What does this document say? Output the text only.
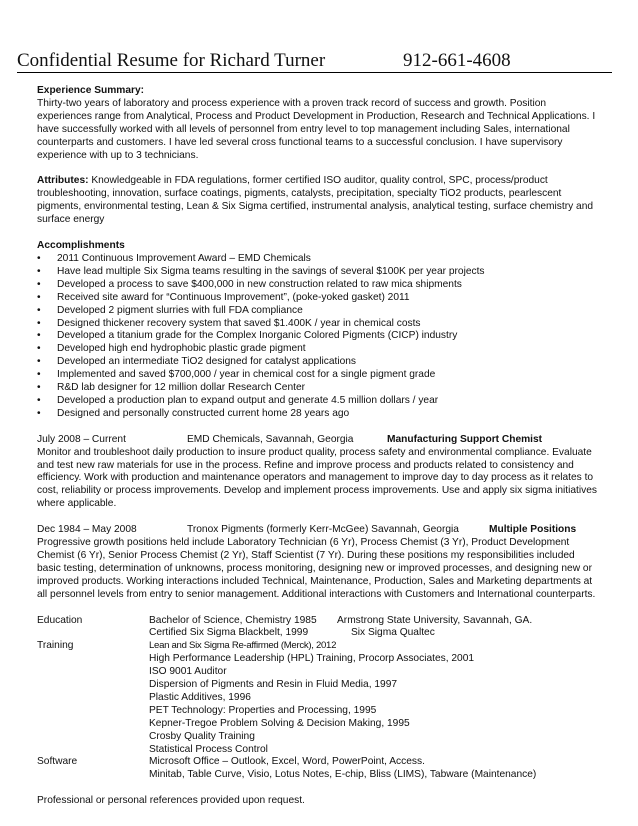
Confidential Resume for Richard Turner	912-661-4608
Experience Summary:

Thirty-two years of laboratory and process experience with a proven track record of success and growth. Position experiences range from Analytical, Process and Product Development in Production, Research and Technical Applications. I have successfully worked with all levels of personnel from entry level to top management including Sales, international counterparts and customers. I have led several cross functional teams to a successful conclusion. I have supervisory experience with up to 3 technicians.

Attributes: Knowledgeable in FDA regulations, former certified ISO auditor, quality control, SPC, process/product troubleshooting, innovation, surface coatings, pigments, catalysts, precipitation, specialty TiO2 products, pearlescent pigments, environmental testing, Lean & Six Sigma certified, instrumental analysis, analytical testing, surface chemistry and surface energy

Accomplishments
• 2011 Continuous Improvement Award – EMD Chemicals
• Have lead multiple Six Sigma teams resulting in the savings of several $100K per year projects
• Developed a process to save $400,000 in new construction related to raw mica shipments
• Received site award for “Continuous Improvement”, (poke-yoked gasket) 2011
• Developed 2 pigment slurries with full FDA compliance
• Designed thickener recovery system that saved $1.400K / year in chemical costs
• Developed a titanium grade for the Complex Inorganic Colored Pigments (CICP) industry
• Developed high end hydrophobic plastic grade pigment
• Developed an intermediate TiO2 designed for catalyst applications
• Implemented and saved $700,000 / year in chemical cost for a single pigment grade
• R&D lab designer for 12 million dollar Research Center
• Developed a production plan to expand output and generate 4.5 million dollars / year
• Designed and personally constructed current home 28 years ago
July 2008 – Current	EMD Chemicals, Savannah, Georgia	Manufacturing Support Chemist

Monitor and troubleshoot daily production to insure product quality, process safety and environmental compliance. Evaluate and test new raw materials for use in the process. Refine and improve process and products related to consistency and efficiency. Work with production and maintenance operators and management to improve day to day process as it relates to cost, reliability or process improvements. Develop and implement process improvements. Use and apply six sigma initiatives where applicable.

Dec 1984 – May 2008	Tronox Pigments (formerly Kerr-McGee) Savannah, Georgia	Multiple Positions

Progressive growth positions held include Laboratory Technician (6 Yr), Process Chemist (3 Yr), Product Development Chemist (6 Yr), Senior Process Chemist (2 Yr), Staff Scientist (7 Yr). During these positions my responsibilities included basic testing, determination of unknowns, process monitoring, designing new or improved processes, and designing new or improved products. Working interactions included Technical, Maintenance, Production, Sales and Marketing departments at all personnel levels from entry to senior management. Additional interactions with Customers and International counterparts.

Education	Bachelor of Science, Chemistry 1985 Armstrong State University, Savannah, GA.
Certified Six Sigma Blackbelt, 1999	Six Sigma Qualtec
Training	Lean and Six Sigma Re-affirmed (Merck), 2012
High Performance Leadership (HPL) Training, Procorp Associates, 2001
ISO 9001 Auditor
Dispersion of Pigments and Resin in Fluid Media, 1997
Plastic Additives, 1996
PET Technology: Properties and Processing, 1995
Kepner-Tregoe Problem Solving & Decision Making, 1995
Crosby Quality Training
Statistical Process Control
Software	Microsoft Office – Outlook, Excel, Word, PowerPoint, Access.
Minitab, Table Curve, Visio, Lotus Notes, E-chip, Bliss (LIMS), Tabware (Maintenance)

Professional or personal references provided upon request.
